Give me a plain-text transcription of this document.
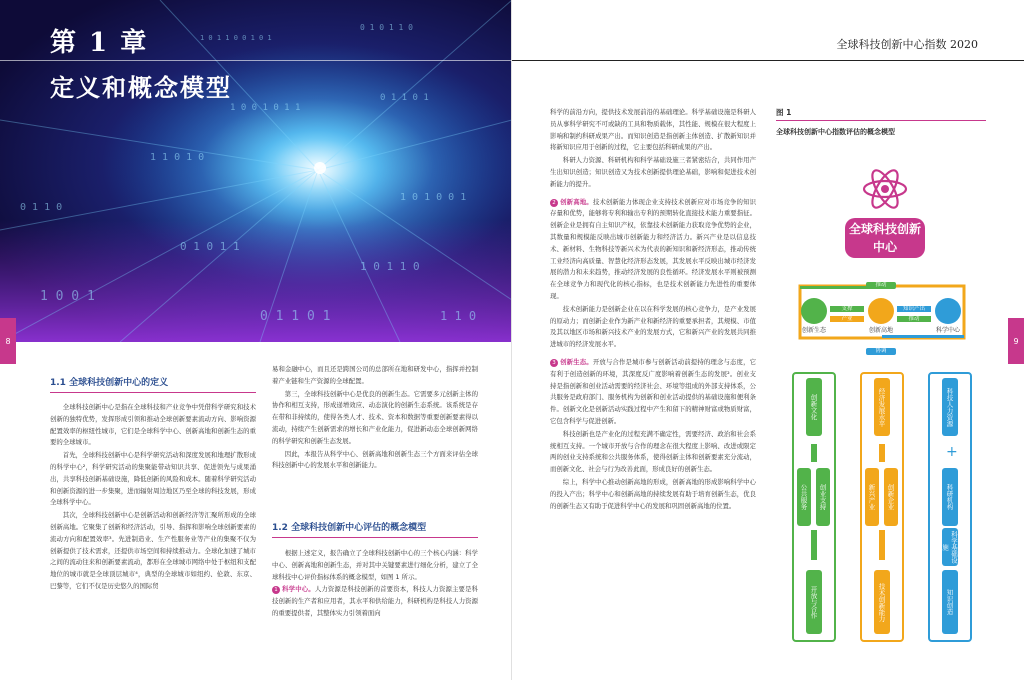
1 0 1 1 0 0 1 0 1
0 1 0 1 1 0
1 0 0 1 0 1 1
0 1 1 0 1
1 1 0 1 0
1 0 1 0 0 1
0 1 0 1 1
1 0 1 1 0
1 0 0 1
0 1 1 0 1	1 1 0
0 1 1 0
第 1 章
定义和概念模型
8
1.1 全球科技创新中心的定义

全球科技创新中心是指在全球科技和产业竞争中凭借科学研究和技术创新的独特优势，发挥形成引领和推动全球创新要素流动方向、影响资源配置效率的枢纽性城市，它们是全球科学中心、创新高地和创新生态的重要的全球城市。

首先，全球科技创新中心是科学研究活动和深度发展和地理扩散形成的科学中心²，科学研究活动的集聚能带动知识共享、促进领先与成果涌出，共享科技创新基础设施，降低创新的风险和成本。随着科学研究活动和创新资源的进一步集聚，进而辐射周边地区乃至全球的科技发展，形成全球科学中心。

其次，全球科技创新中心是创新活动和创新经济等汇聚所形成的全球创新高地。它聚集了创新和经济活动，引导、指挥和影响全球创新要素的流动方向和配置效率³。先进制造业、生产性服务业等产业的集聚不仅为创新提供了技术需求，还提供市场空间和持续推动力。全球化加速了城市之间的流动往来和创新要素流动，都形在全球城市网络中处于枢纽和支配地位的城市就是全球顶层城市⁴，典型的全球城市如纽约、伦敦、东京、巴黎等，它们不仅是历史悠久的国际贸

易和金融中心，而且还是跨国公司的总部所在地和研发中心，指挥并控制着产业链和生产资源的全球配置。

第三，全球科技创新中心是优良的创新生态。它需要多元创新主体的协作和相互支持，形成递增效应、动态演化的创新生态系统。该系统是存在带和非持续的，使得各类人才、技术、资本和数据等重要创新要素得以流动，持续产生创新需求的增长和产业化能力，促进新动态全球创新网络的科学研究和创新生态发展。

因此，本报告从科学中心、创新高地和创新生态三个方面来评估全球科技创新中心的发展水平和创新能力。

1.2 全球科技创新中心评估的概念模型

根据上述定义，报告确立了全球科技创新中心的三个核心内涵：科学中心、创新高地和创新生态，并对其中关键要素进行细化分析，建立了全球科技中心评价指标体系的概念模型，如图 1 所示。

1 科学中心。人力资源是科技创新的首要资本，科技人力资源主要是科技创新的生产者和应用者，其水平和供给能力，科研机构是科技人力资源的重要提供者，其整体实力引领着面向

全球科技创新中心指数 2020
9

科学的前沿方向，提供技术发展前沿的基础理论。科学基础设施是科研人员从事科学研究不可或缺的工具和物质载体，其性能、规模在很大程度上影响和制约科研成果产出。而知识创造是指创新主体创造、扩散新知识并将新知识应用于创新的过程，它主要包括科研成果的产出。

科研人力资源、科研机构和科学基础设施三者紧密结合，共同作用产生出知识创造；知识创造又为技术创新提供理论基础，影响和促进技术创新能力的提升。

2 创新高地。技术创新能力体现企业支持技术创新应对市场竞争的知识存量和优势，能够将专利和输出专利的预期转化直接技术能力重要指征。创新企业是拥有自主知识产权，依靠技术创新能力获取竞争优势的企业，其数量和规模能反映出城市创新能力和经济活力。新兴产业是以信息技术、新材料、生物科技等新兴术为代表的新知识和新经济形态，推动传统工业经济向高质量、智慧化经济形态发展，其发展水平反映出城市经济发展的潜力和未来趋势，推动经济发展的良性循环。经济发展水平则被预测在全球竞争力和现代化的核心指标，也是技术创新能力先进性的重要体现。

技术创新能力是创新企业在以在科学发展的核心竞争力，是产业发展的原动力；而创新企业作为新产业和新经济的重要承担者，其规模、市值及其以地区市场和新兴技术产业的发展方式，它和新兴产业的发展共同推进城市的经济发展水平。

3 创新生态。开放与合作是城市参与创新活动前提持的理念与态度，它有利于创造创新的环境，其深度反广度影响着创新生态的发展²。创业支持是指创新和创业活动需要的经济社会、环境等组成的外部支持体系，公共服务是政府部门、服务机构为创新和创业活动提供的基础设施和便利条件。创新文化是创新活动实践过程中产生和留下的精神财富或物质财富，它包含科学与促进创新。

科技创新也是产业化的过程充满不确定性，需要经济、政治和社会系统相互支持。一个城市开放与合作的理念在很大程度上影响、改进或限定两的创业支持系统和公共服务体系，使得创新主体和创新要素充分流动，而创新文化、社会与行为改善此面，形成良好的创新生态。

综上，科学中心推动创新高地的形成，创新高地的形成影响科学中心的投入产出；科学中心和创新高地的持续发展有助于培育创新生态，优良的创新生态又有助于促进科学中心的发展和巩固创新高地的位置。

图 1
全球科技创新中心指数评估的概念模型
全球科技创新中心
推动
协调
支撑
产业
知识产出
推动
创新生态	创新高地	科学中心
创新文化
公共服务	创业支持
开放与合作
经济发展水平
新兴产业	创新企业
技术创新能力
科技人力资源
科研机构
科学基础设施
知识创造
+
